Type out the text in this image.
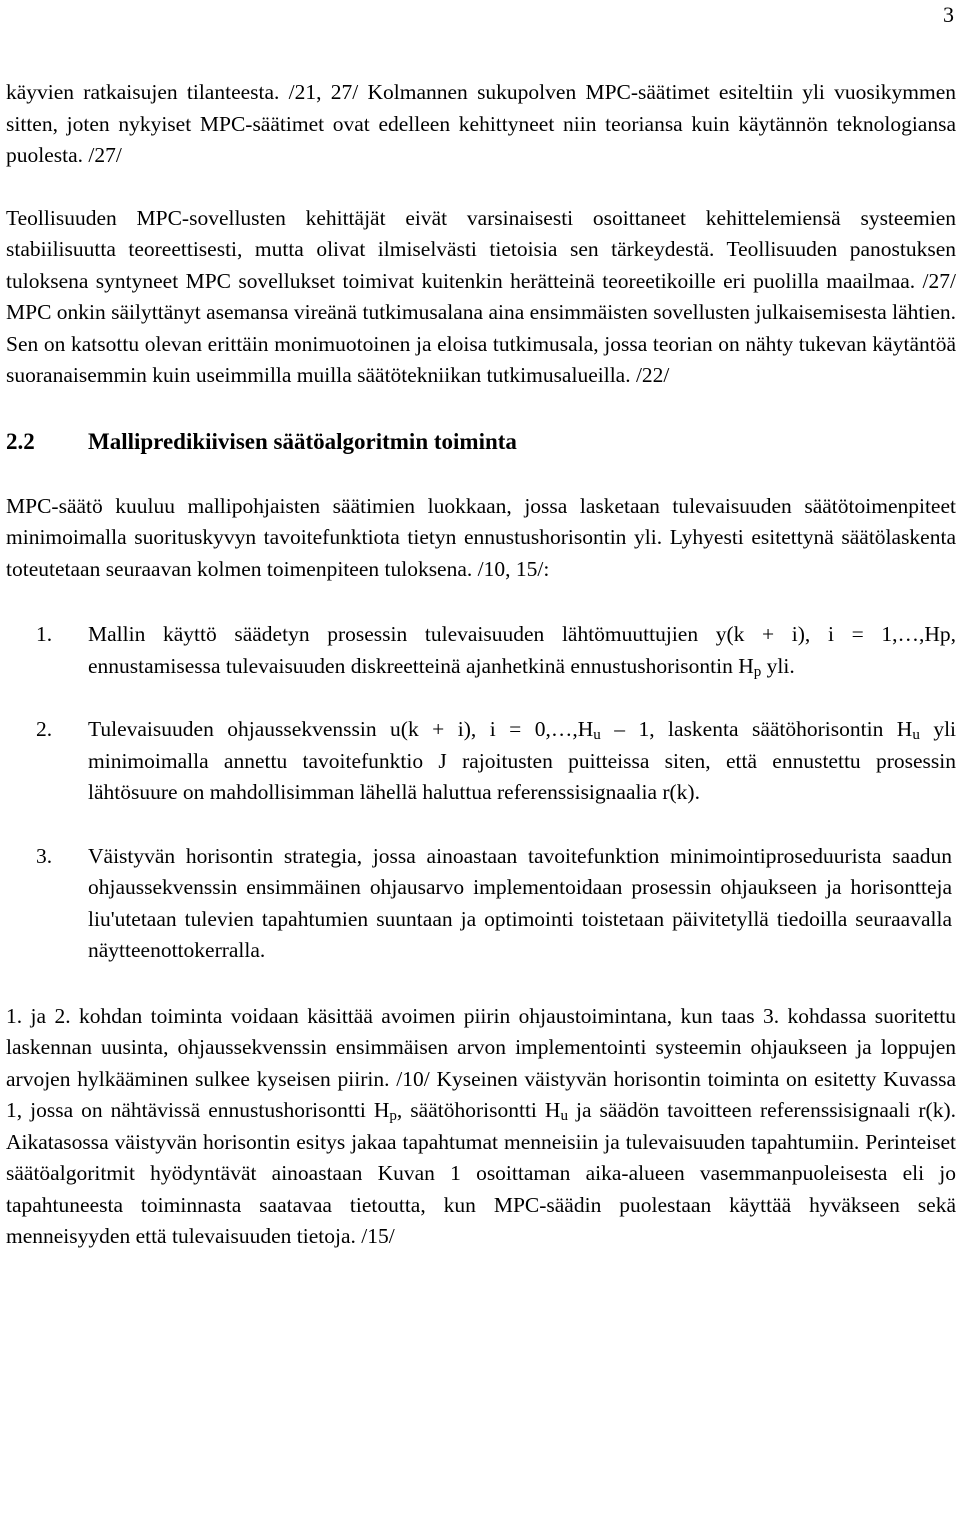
3

käyvien ratkaisujen tilanteesta. /21, 27/ Kolmannen sukupolven MPC-säätimet esiteltiin yli vuosikymmen sitten, joten nykyiset MPC-säätimet ovat edelleen kehittyneet niin teoriansa kuin käytännön teknologiansa puolesta. /27/

Teollisuuden MPC-sovellusten kehittäjät eivät varsinaisesti osoittaneet kehittelemiensä systeemien stabiilisuutta teoreettisesti, mutta olivat ilmiselvästi tietoisia sen tärkeydestä. Teollisuuden panostuksen tuloksena syntyneet MPC sovellukset toimivat kuitenkin herätteinä teoreetikoille eri puolilla maailmaa. /27/ MPC onkin säilyttänyt asemansa vireänä tutkimusalana aina ensimmäisten sovellusten julkaisemisesta lähtien. Sen on katsottu olevan erittäin monimuotoinen ja eloisa tutkimusala, jossa teorian on nähty tukevan käytäntöä suoranaisemmin kuin useimmilla muilla säätötekniikan tutkimusalueilla. /22/

2.2	Mallipredikiivisen säätöalgoritmin toiminta

MPC-säätö kuuluu mallipohjaisten säätimien luokkaan, jossa lasketaan tulevaisuuden säätötoimenpiteet minimoimalla suorituskyvyn tavoitefunktiota tietyn ennustushorisontin yli. Lyhyesti esitettynä säätölaskenta toteutetaan seuraavan kolmen toimenpiteen tuloksena. /10, 15/:

1.	Mallin käyttö säädetyn prosessin tulevaisuuden lähtömuuttujien y(k + i), i = 1,…,Hp, ennustamisessa tulevaisuuden diskreetteinä ajanhetkinä ennustushorisontin $H_p$ yli.
2.	Tulevaisuuden ohjaussekvenssin u(k + i), $i = 0,\dots,H_u - 1$, laskenta säätöhorisontin $H_u$ yli minimoimalla annettu tavoitefunktio J rajoitusten puitteissa siten, että ennustettu prosessin lähtösuure on mahdollisimman lähellä haluttua referenssisignaalia r(k).
3.	Väistyvän horisontin strategia, jossa ainoastaan tavoitefunktion minimointiproseduurista saadun ohjaussekvenssin ensimmäinen ohjausarvo implementoidaan prosessin ohjaukseen ja horisontteja liu'utetaan tulevien tapahtumien suuntaan ja optimointi toistetaan päivitetyllä tiedoilla seuraavalla näytteenottokerralla.

1. ja 2. kohdan toiminta voidaan käsittää avoimen piirin ohjaustoimintana, kun taas 3. kohdassa suoritettu laskennan uusinta, ohjaussekvenssin ensimmäisen arvon implementointi systeemin ohjaukseen ja loppujen arvojen hylkääminen sulkee kyseisen piirin. /10/ Kyseinen väistyvän horisontin toiminta on esitetty Kuvassa 1, jossa on nähtävissä ennustushorisontti $H_p$, säätöhorisontti $H_u$ ja säädön tavoitteen referenssisignaali r(k). Aikatasossa väistyvän horisontin esitys jakaa tapahtumat menneisiin ja tulevaisuuden tapahtumiin. Perinteiset säätöalgoritmit hyödyntävät ainoastaan Kuvan 1 osoittaman aika-alueen vasemmanpuoleisesta eli jo tapahtuneesta toiminnasta saatavaa tietoutta, kun MPC-säädin puolestaan käyttää hyväkseen sekä menneisyyden että tulevaisuuden tietoja. /15/
